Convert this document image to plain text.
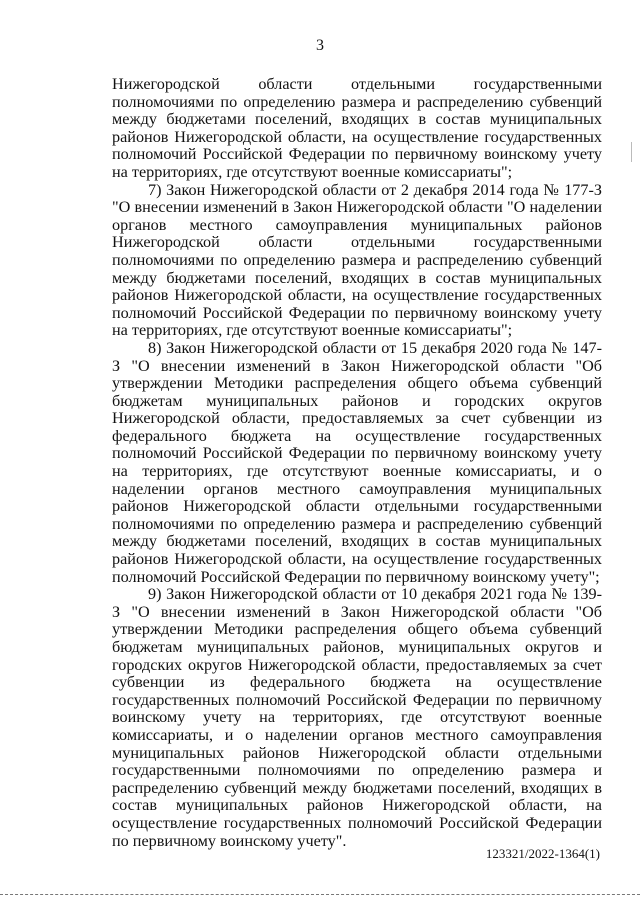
3

Нижегородской области отдельными государственными полномочиями по определению размера и распределению субвенций между бюджетами поселений, входящих в состав муниципальных районов Нижегородской области, на осуществление государственных полномочий Российской Федерации по первичному воинскому учету на территориях, где отсутствуют военные комиссариаты";

7) Закон Нижегородской области от 2 декабря 2014 года № 177-З "О внесении изменений в Закон Нижегородской области "О наделении органов местного самоуправления муниципальных районов Нижегородской области отдельными государственными полномочиями по определению размера и распределению субвенций между бюджетами поселений, входящих в состав муниципальных районов Нижегородской области, на осуществление государственных полномочий Российской Федерации по первичному воинскому учету на территориях, где отсутствуют военные комиссариаты";

8) Закон Нижегородской области от 15 декабря 2020 года № 147-З "О внесении изменений в Закон Нижегородской области "Об утверждении Методики распределения общего объема субвенций бюджетам муниципальных районов и городских округов Нижегородской области, предоставляемых за счет субвенции из федерального бюджета на осуществление государственных полномочий Российской Федерации по первичному воинскому учету на территориях, где отсутствуют военные комиссариаты, и о наделении органов местного самоуправления муниципальных районов Нижегородской области отдельными государственными полномочиями по определению размера и распределению субвенций между бюджетами поселений, входящих в состав муниципальных районов Нижегородской области, на осуществление государственных полномочий Российской Федерации по первичному воинскому учету";

9) Закон Нижегородской области от 10 декабря 2021 года № 139-З "О внесении изменений в Закон Нижегородской области "Об утверждении Методики распределения общего объема субвенций бюджетам муниципальных районов, муниципальных округов и городских округов Нижегородской области, предоставляемых за счет субвенции из федерального бюджета на осуществление государственных полномочий Российской Федерации по первичному воинскому учету на территориях, где отсутствуют военные комиссариаты, и о наделении органов местного самоуправления муниципальных районов Нижегородской области отдельными государственными полномочиями по определению размера и распределению субвенций между бюджетами поселений, входящих в состав муниципальных районов Нижегородской области, на осуществление государственных полномочий Российской Федерации по первичному воинскому учету".

123321/2022-1364(1)
